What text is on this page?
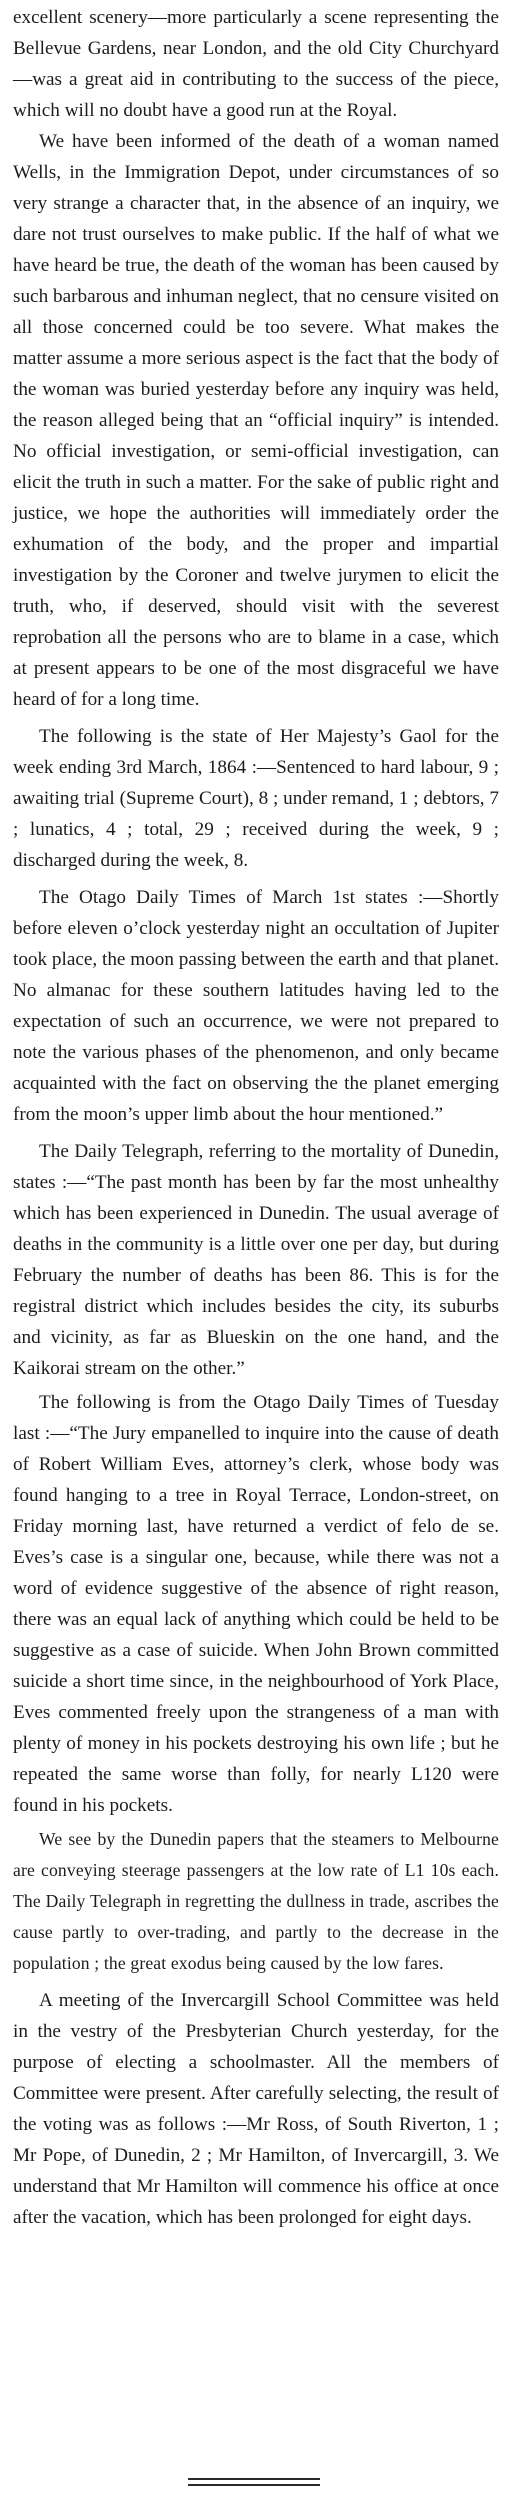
excellent scenery—more particularly a scene representing the Bellevue Gardens, near London, and the old City Churchyard—was a great aid in contributing to the success of the piece, which will no doubt have a good run at the Royal.

We have been informed of the death of a woman named Wells, in the Immigration Depot, under circumstances of so very strange a character that, in the absence of an inquiry, we dare not trust ourselves to make public. If the half of what we have heard be true, the death of the woman has been caused by such barbarous and inhuman neglect, that no censure visited on all those concerned could be too severe. What makes the matter assume a more serious aspect is the fact that the body of the woman was buried yesterday before any inquiry was held, the reason alleged being that an “official inquiry” is intended. No official investigation, or semi-official investigation, can elicit the truth in such a matter. For the sake of public right and justice, we hope the authorities will immediately order the exhumation of the body, and the proper and impartial investigation by the Coroner and twelve jurymen to elicit the truth, who, if deserved, should visit with the severest reprobation all the persons who are to blame in a case, which at present appears to be one of the most disgraceful we have heard of for a long time.

The following is the state of Her Majesty’s Gaol for the week ending 3rd March, 1864 :—Sentenced to hard labour, 9 ; awaiting trial (Supreme Court), 8 ; under remand, 1 ; debtors, 7 ; lunatics, 4 ; total, 29 ; received during the week, 9 ; discharged during the week, 8.

The Otago Daily Times of March 1st states :—Shortly before eleven o’clock yesterday night an occultation of Jupiter took place, the moon passing between the earth and that planet. No almanac for these southern latitudes having led to the expectation of such an occurrence, we were not prepared to note the various phases of the phenomenon, and only became acquainted with the fact on observing the the planet emerging from the moon’s upper limb about the hour mentioned.”

The Daily Telegraph, referring to the mortality of Dunedin, states :—“The past month has been by far the most unhealthy which has been experienced in Dunedin. The usual average of deaths in the community is a little over one per day, but during February the number of deaths has been 86. This is for the registral district which includes besides the city, its suburbs and vicinity, as far as Blueskin on the one hand, and the Kaikorai stream on the other.”

The following is from the Otago Daily Times of Tuesday last :—“The Jury empanelled to inquire into the cause of death of Robert William Eves, attorney’s clerk, whose body was found hanging to a tree in Royal Terrace, London-street, on Friday morning last, have returned a verdict of felo de se. Eves’s case is a singular one, because, while there was not a word of evidence suggestive of the absence of right reason, there was an equal lack of anything which could be held to be suggestive as a case of suicide. When John Brown committed suicide a short time since, in the neighbourhood of York Place, Eves commented freely upon the strangeness of a man with plenty of money in his pockets destroying his own life ; but he repeated the same worse than folly, for nearly L120 were found in his pockets.

We see by the Dunedin papers that the steamers to Melbourne are conveying steerage passengers at the low rate of L1 10s each. The Daily Telegraph in regretting the dullness in trade, ascribes the cause partly to over-trading, and partly to the decrease in the population ; the great exodus being caused by the low fares.

A meeting of the Invercargill School Committee was held in the vestry of the Presbyterian Church yesterday, for the purpose of electing a schoolmaster. All the members of Committee were present. After carefully selecting, the result of the voting was as follows :—Mr Ross, of South Riverton, 1 ; Mr Pope, of Dunedin, 2 ; Mr Hamilton, of Invercargill, 3. We understand that Mr Hamilton will commence his office at once after the vacation, which has been prolonged for eight days.
